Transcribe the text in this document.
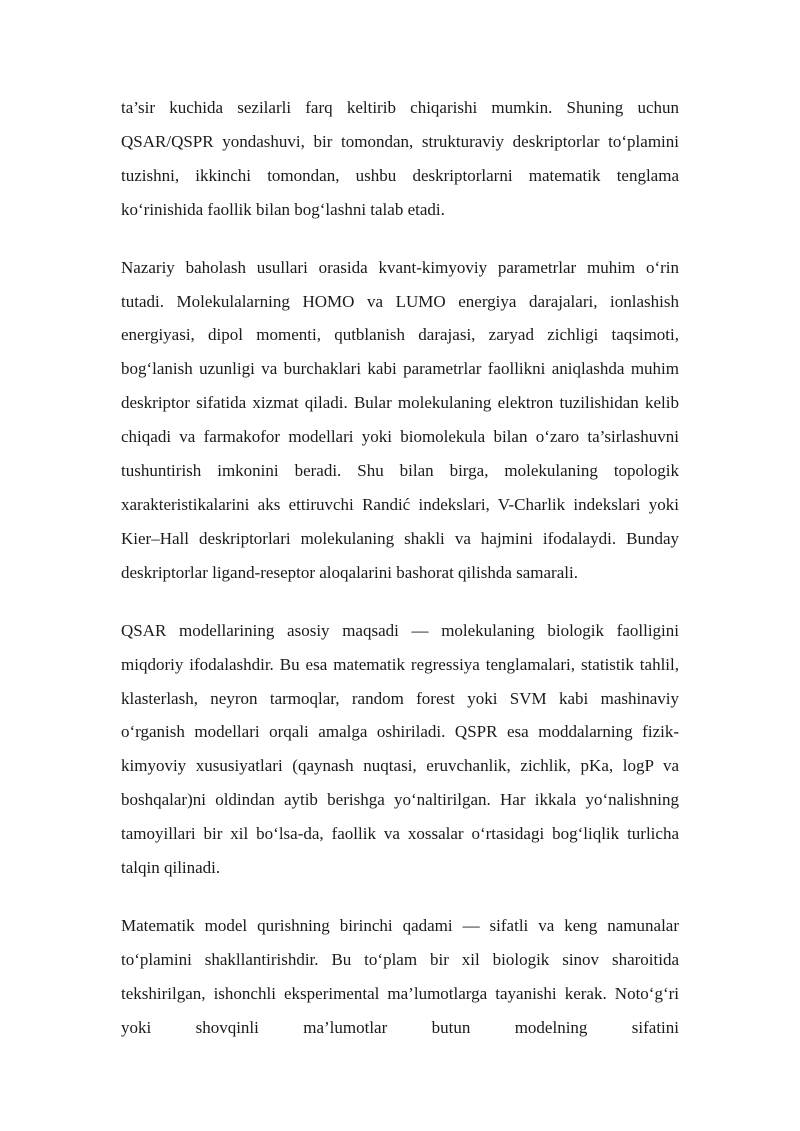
ta’sir kuchida sezilarli farq keltirib chiqarishi mumkin. Shuning uchun QSAR/QSPR yondashuvi, bir tomondan, strukturaviy deskriptorlar to‘plamini tuzishni, ikkinchi tomondan, ushbu deskriptorlarni matematik tenglama ko‘rinishida faollik bilan bog‘lashni talab etadi.

Nazariy baholash usullari orasida kvant-kimyoviy parametrlar muhim o‘rin tutadi. Molekulalarning HOMO va LUMO energiya darajalari, ionlashish energiyasi, dipol momenti, qutblanish darajasi, zaryad zichligi taqsimoti, bog‘lanish uzunligi va burchaklari kabi parametrlar faollikni aniqlashda muhim deskriptor sifatida xizmat qiladi. Bular molekulaning elektron tuzilishidan kelib chiqadi va farmakofor modellari yoki biomolekula bilan o‘zaro ta’sirlashuvni tushuntirish imkonini beradi. Shu bilan birga, molekulaning topologik xarakteristikalarini aks ettiruvchi Randić indekslari, V-Charlik indekslari yoki Kier–Hall deskriptorlari molekulaning shakli va hajmini ifodalaydi. Bunday deskriptorlar ligand-reseptor aloqalarini bashorat qilishda samarali.

QSAR modellarining asosiy maqsadi — molekulaning biologik faolligini miqdoriy ifodalashdir. Bu esa matematik regressiya tenglamalari, statistik tahlil, klasterlash, neyron tarmoqlar, random forest yoki SVM kabi mashinaviy o‘rganish modellari orqali amalga oshiriladi. QSPR esa moddalarning fizik-kimyoviy xususiyatlari (qaynash nuqtasi, eruvchanlik, zichlik, pKa, logP va boshqalar)ni oldindan aytib berishga yo‘naltirilgan. Har ikkala yo‘nalishning tamoyillari bir xil bo‘lsa-da, faollik va xossalar o‘rtasidagi bog‘liqlik turlicha talqin qilinadi.

Matematik model qurishning birinchi qadami — sifatli va keng namunalar to‘plamini shakllantirishdir. Bu to‘plam bir xil biologik sinov sharoitida tekshirilgan, ishonchli eksperimental ma’lumotlarga tayanishi kerak. Noto‘g‘ri yoki shovqinli ma’lumotlar butun modelning sifatini
